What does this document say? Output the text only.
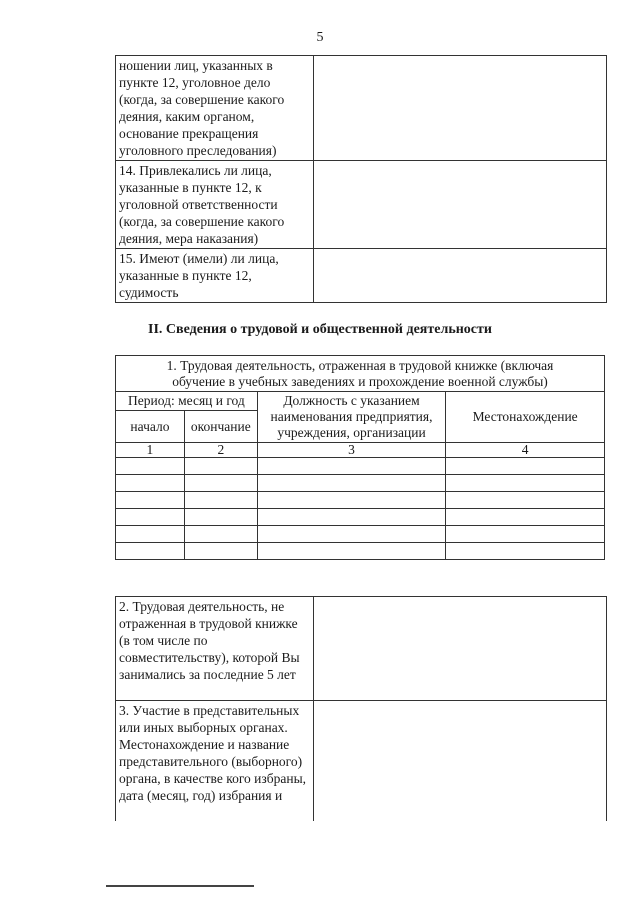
5
ношении лиц, указанных в пункте 12, уголовное дело (когда, за совершение какого деяния, каким органом, основание прекращения уголовного преследования)	
14. Привлекались ли лица, указанные в пункте 12, к уголовной ответственности (когда, за совершение какого деяния, мера наказания)	
15. Имеют (имели) ли лица, указанные в пункте 12, судимость	
II. Сведения о трудовой и общественной деятельности
1. Трудовая деятельность, отраженная в трудовой книжке (включая обучение в учебных заведениях и прохождение военной службы)			
Период: месяц и год		Должность с указанием наименования предприятия, учреждения, организации	Местонахождение
начало	окончание		
1	2	3	4

2. Трудовая деятельность, не отраженная в трудовой книжке (в том числе по совместительству), которой Вы занимались за последние 5 лет	
3. Участие в представительных или иных выборных органах. Местонахождение и название представительного (выборного) органа, в качестве кого избраны, дата (месяц, год) избрания и	
